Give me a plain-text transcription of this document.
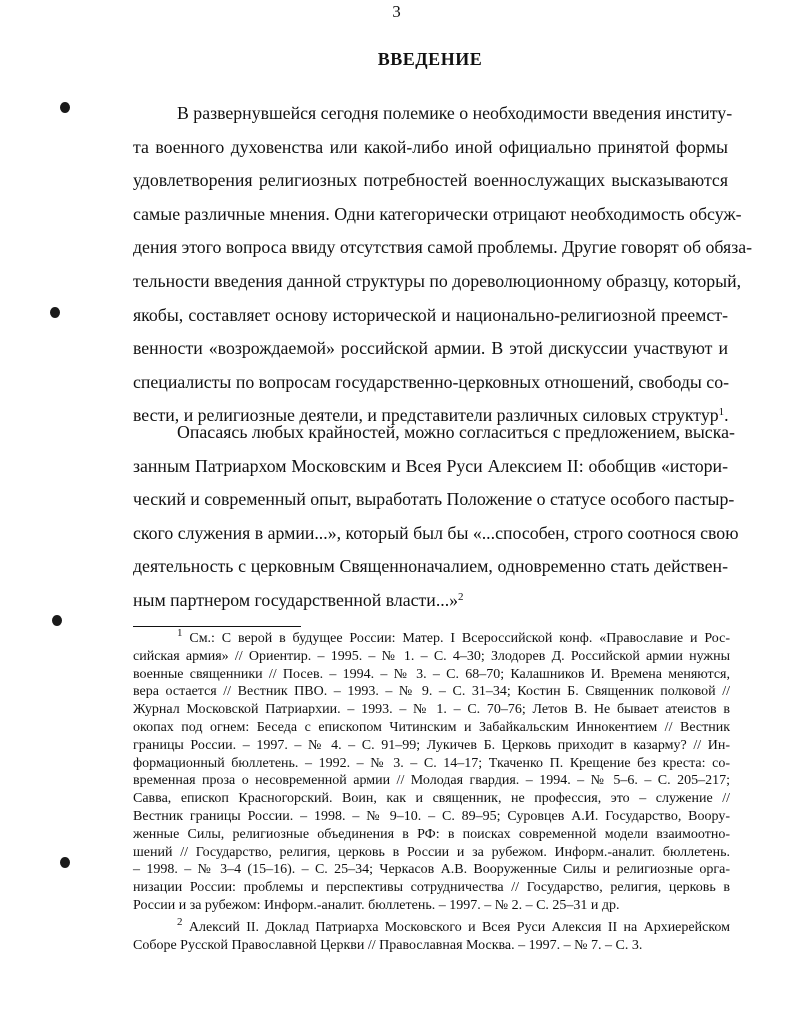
3
ВВЕДЕНИЕ
В развернувшейся сегодня полемике о необходимости введения институ-
та военного духовенства или какой-либо иной официально принятой формы
удовлетворения религиозных потребностей военнослужащих высказываются
самые различные мнения. Одни категорически отрицают необходимость обсуж-
дения этого вопроса ввиду отсутствия самой проблемы. Другие говорят об обяза-
тельности введения данной структуры по дореволюционному образцу, который,
якобы, составляет основу исторической и национально-религиозной преемст-
венности «возрождаемой» российской армии. В этой дискуссии участвуют и
специалисты по вопросам государственно-церковных отношений, свободы со-
вести, и религиозные деятели, и представители различных силовых структур$^1$.
Опасаясь любых крайностей, можно согласиться с предложением, выска-
занным Патриархом Московским и Всея Руси Алексием II: обобщив «истори-
ческий и современный опыт, выработать Положение о статусе особого пастыр-
ского служения в армии...», который был бы «...способен, строго соотнося свою
деятельность с церковным Священноначалием, одновременно стать действен-
ным партнером государственной власти...»$^2$
$^1$ См.: С верой в будущее России: Матер. I Всероссийской конф. «Православие и Рос-
сийская армия» // Ориентир. – 1995. – № 1. – С. 4–30; Злодорев Д. Российской армии нужны
военные священники // Посев. – 1994. – № 3. – С. 68–70; Калашников И. Времена меняются,
вера остается // Вестник ПВО. – 1993. – № 9. – С. 31–34; Костин Б. Священник полковой //
Журнал Московской Патриархии. – 1993. – № 1. – С. 70–76; Летов В. Не бывает атеистов в
окопах под огнем: Беседа с епископом Читинским и Забайкальским Иннокентием // Вестник
границы России. – 1997. – № 4. – С. 91–99; Лукичев Б. Церковь приходит в казарму? // Ин-
формационный бюллетень. – 1992. – № 3. – С. 14–17; Ткаченко П. Крещение без креста: со-
временная проза о несовременной армии // Молодая гвардия. – 1994. – № 5–6. – С. 205–217;
Савва, епископ Красногорский. Воин, как и священник, не профессия, это – служение //
Вестник границы России. – 1998. – № 9–10. – С. 89–95; Суровцев А.И. Государство, Воору-
женные Силы, религиозные объединения в РФ: в поисках современной модели взаимоотно-
шений // Государство, религия, церковь в России и за рубежом. Информ.-аналит. бюллетень.
– 1998. – № 3–4 (15–16). – С. 25–34; Черкасов А.В. Вооруженные Силы и религиозные орга-
низации России: проблемы и перспективы сотрудничества // Государство, религия, церковь в
России и за рубежом: Информ.-аналит. бюллетень. – 1997. – № 2. – С. 25–31 и др.
$^2$ Алексий II. Доклад Патриарха Московского и Всея Руси Алексия II на Архиерейском
Соборе Русской Православной Церкви // Православная Москва. – 1997. – № 7. – С. 3.
